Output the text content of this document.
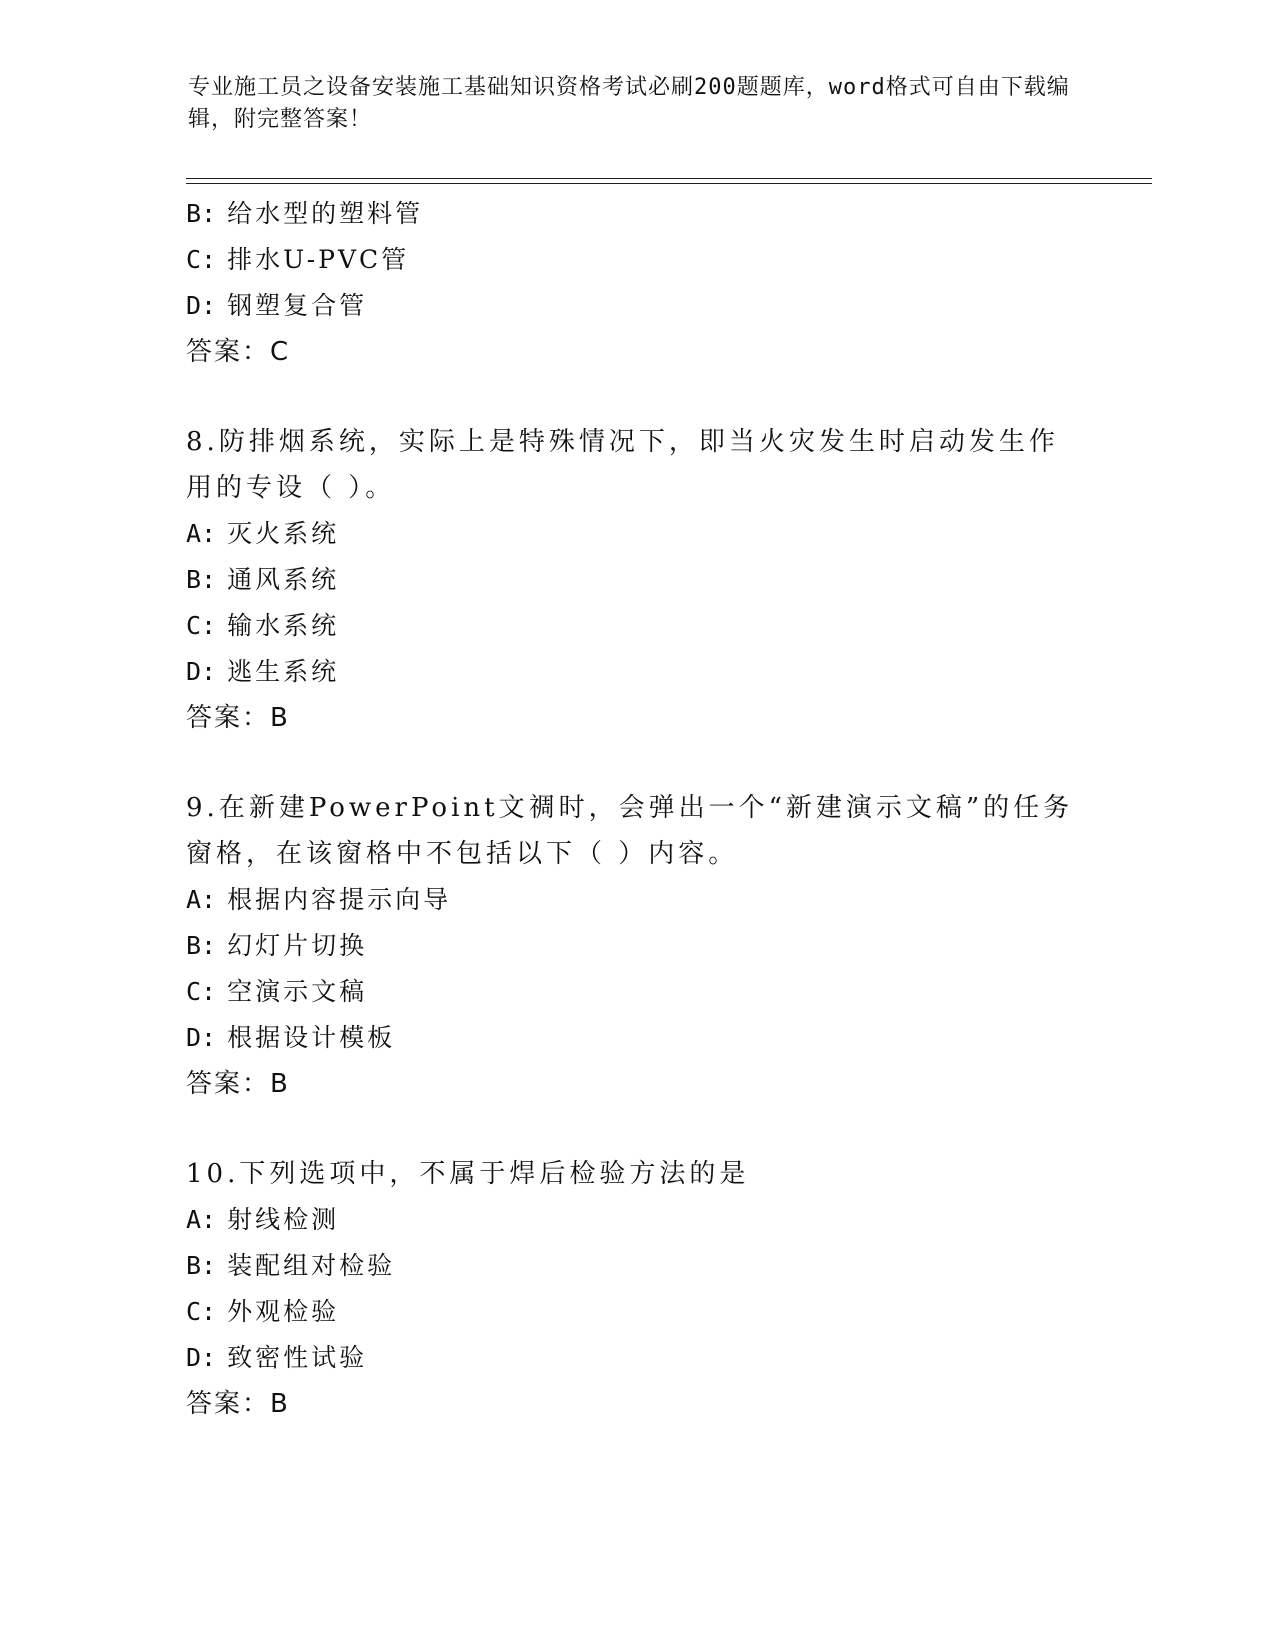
专业施工员之设备安装施工基础知识资格考试必刷200题题库，word格式可自由下载编辑，附完整答案！
B: 给水型的塑料管
C: 排水U-PVC管
D: 钢塑复合管
答案：C
8.防排烟系统，实际上是特殊情况下，即当火灾发生时启动发生作用的专设（ ）。
A: 灭火系统
B: 通风系统
C: 输水系统
D: 逃生系统
答案：B
9.在新建PowerPoint文禂时，会弹出一个“新建演示文稿”的任务窗格，在该窗格中不包括以下（ ）内容。
A: 根据内容提示向导
B: 幻灯片切换
C: 空演示文稿
D: 根据设计模板
答案：B
10.下列选项中，不属于焊后检验方法的是
A: 射线检测
B: 装配组对检验
C: 外观检验
D: 致密性试验
答案：B
